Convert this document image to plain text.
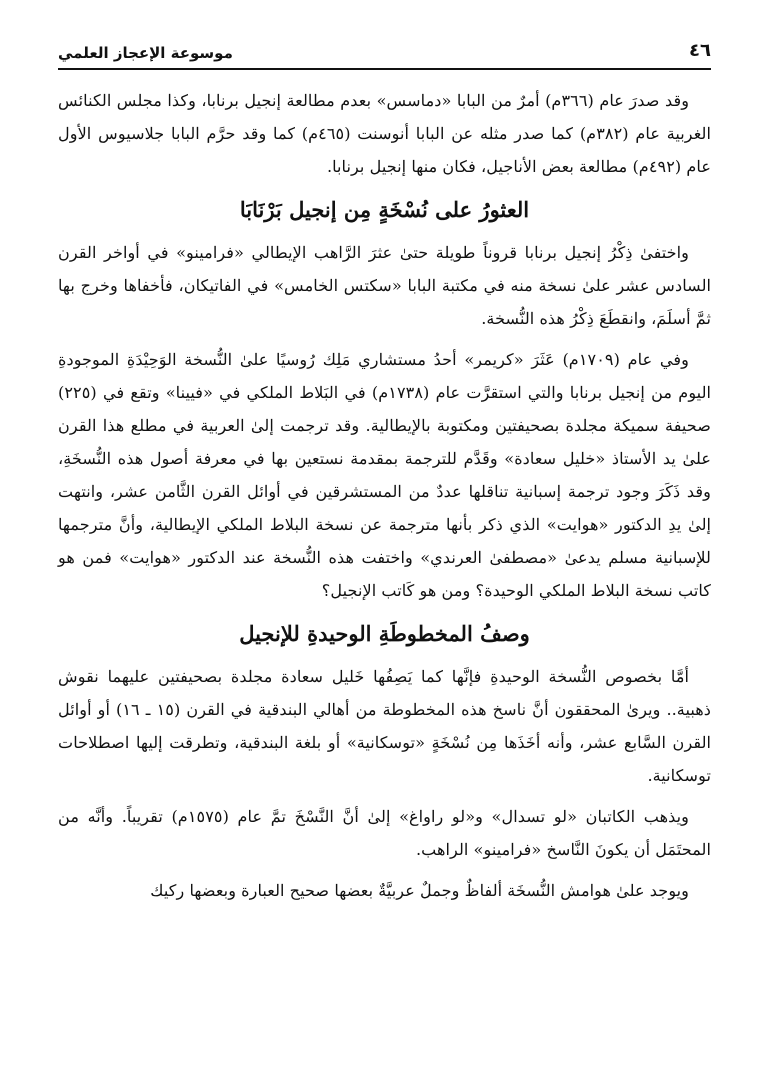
٤٦
موسوعة الإعجاز العلمي

وقد صدرَ عام (٣٦٦م) أمرٌ من البابا «دماسس» بعدم مطالعة إنجيل برنابا، وكذا مجلس الكنائس الغربية عام (٣٨٢م) كما صدر مثله عن البابا أنوسنت (٤٦٥م) كما وقد حرَّم البابا جلاسيوس الأول عام (٤٩٢م) مطالعة بعض الأناجيل، فكان منها إنجيل برنابا.

العثورُ على نُسْخَةٍ مِن إنجيل بَرْنَابَا

واختفىٰ ذِكْرُ إنجيل برنابا قروناً طويلة حتىٰ عثرَ الرَّاهب الإيطالي «فرامينو» في أواخر القرن السادس عشر علىٰ نسخة منه في مكتبة البابا «سكتس الخامس» في الفاتيكان، فأخفاها وخرج بها ثمَّ أسلَمَ، وانقطَعَ ذِكْرُ هذه النُّسخة.

وفي عام (١٧٠٩م) عَثَرَ «كريمر» أحدُ مستشاري مَلِك رُوسيًا علىٰ النُّسخة الوَحِيْدَةِ الموجودةِ اليوم من إنجيل برنابا والتي استقرَّت عام (١٧٣٨م) في البَلاط الملكي في «فيينا» وتقع في (٢٢٥) صحيفة سميكة مجلدة بصحيفتين ومكتوبة بالإيطالية. وقد ترجمت إلىٰ العربية في مطلع هذا القرن علىٰ يد الأستاذ «خليل سعادة» وقَدَّم للترجمة بمقدمة نستعين بها في معرفة أصول هذه النُّسخَةِ، وقد ذَكَرَ وجود ترجمة إسبانية تناقلها عددٌ من المستشرقين في أوائل القرن الثَّامن عشر، وانتهت إلىٰ يدِ الدكتور «هوايت» الذي ذكر بأنها مترجمة عن نسخة البلاط الملكي الإيطالية، وأنَّ مترجمها للإسبانية مسلم يدعىٰ «مصطفىٰ العرندي» واختفت هذه النُّسخة عند الدكتور «هوايت» فمن هو كاتب نسخة البلاط الملكي الوحيدة؟ ومن هو كَاتب الإنجيل؟

وصفُ المخطوطَةِ الوحيدةِ للإنجيل

أمَّا بخصوص النُّسخة الوحيدةِ فإنَّها كما يَصِفُها خَليل سعادة مجلدة بصحيفتين عليهما نقوش ذهبية.. ويرىٰ المحققون أنَّ ناسخ هذه المخطوطة من أهالي البندقية في القرن (١٥ ـ ١٦) أو أوائل القرن السَّابع عشر، وأنه أخَذَها مِن نُسْخَةٍ «توسكانية» أو بلغة البندقية، وتطرقت إليها اصطلاحات توسكانية.

ويذهب الكاتبان «لو تسدال» و«لو راواغ» إلىٰ أنَّ النَّسْخَ تمَّ عام (١٥٧٥م) تقريباً. وأنَّه من المحتَمَل أن يكونَ النَّاسخ «فرامينو» الراهب.

ويوجد علىٰ هوامش النُّسخَة ألفاظٌ وجملٌ عربيَّةٌ بعضها صحيح العبارة وبعضها ركيك
